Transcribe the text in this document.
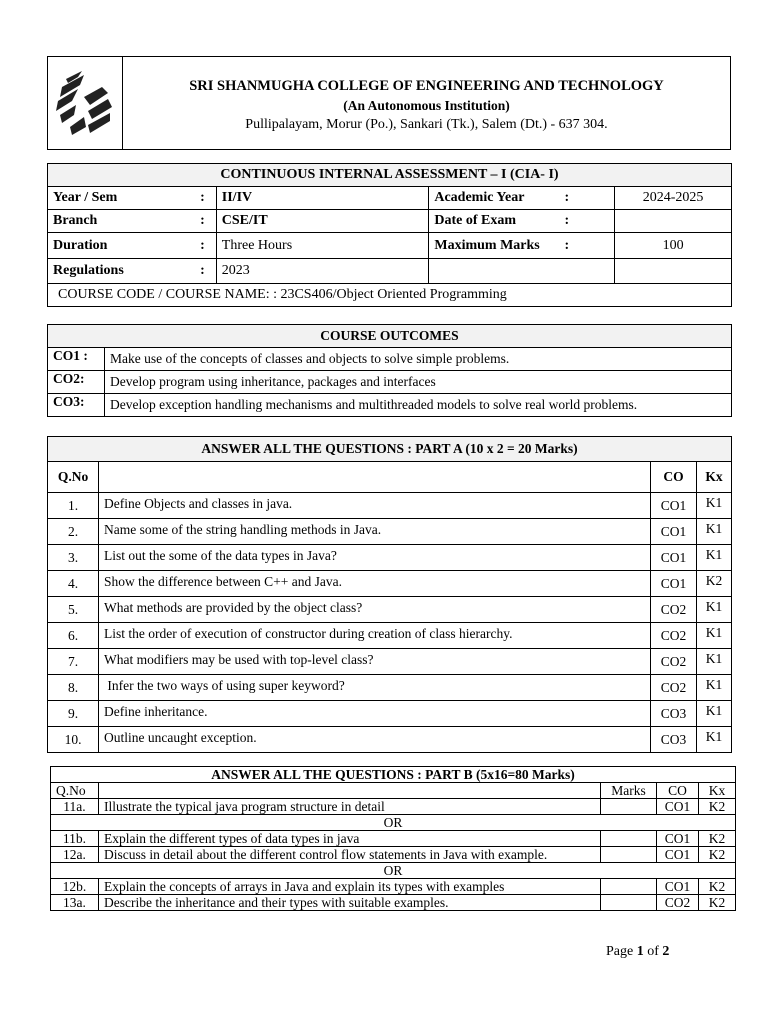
SRI SHANMUGHA COLLEGE OF ENGINEERING AND TECHNOLOGY
(An Autonomous Institution)
Pullipalayam, Morur (Po.), Sankari (Tk.), Salem (Dt.) - 637 304.
CONTINUOUS INTERNAL ASSESSMENT – I (CIA- I)			

Year / Sem :	II/IV	Academic Year :	2024-2025

Branch :	CSE/IT	Date of Exam :	

Duration :	Three Hours	Maximum Marks :	100

Regulations :	2023		
COURSE CODE / COURSE NAME: : 23CS406/Object Oriented Programming			
COURSE OUTCOMES	
CO1 :	Make use of the concepts of classes and objects to solve simple problems.
CO2:	Develop program using inheritance, packages and interfaces
CO3:	Develop exception handling mechanisms and multithreaded models to solve real world problems.
ANSWER ALL THE QUESTIONS : PART A (10 x 2 = 20 Marks)			
Q.No		CO	Kx
1.	Define Objects and classes in java.	CO1	K1
2.	Name some of the string handling methods in Java.	CO1	K1
3.	List out the some of the data types in Java?	CO1	K1
4.	Show the difference between C++ and Java.	CO1	K2
5.	What methods are provided by the object class?	CO2	K1
6.	List the order of execution of constructor during creation of class hierarchy.	CO2	K1
7.	What modifiers may be used with top-level class?	CO2	K1
8.	Infer the two ways of using super keyword?	CO2	K1
9.	Define inheritance.	CO3	K1
10.	Outline uncaught exception.	CO3	K1
ANSWER ALL THE QUESTIONS : PART B (5x16=80 Marks)				
Q.No		Marks	CO	Kx
11a.	Illustrate the typical java program structure in detail		CO1	K2
OR				
11b.	Explain the different types of data types in java		CO1	K2
12a.	Discuss in detail about the different control flow statements in Java with example.		CO1	K2
OR				
12b.	Explain the concepts of arrays in Java and explain its types with examples		CO1	K2
13a.	Describe the inheritance and their types with suitable examples.		CO2	K2
Page 1 of 2
